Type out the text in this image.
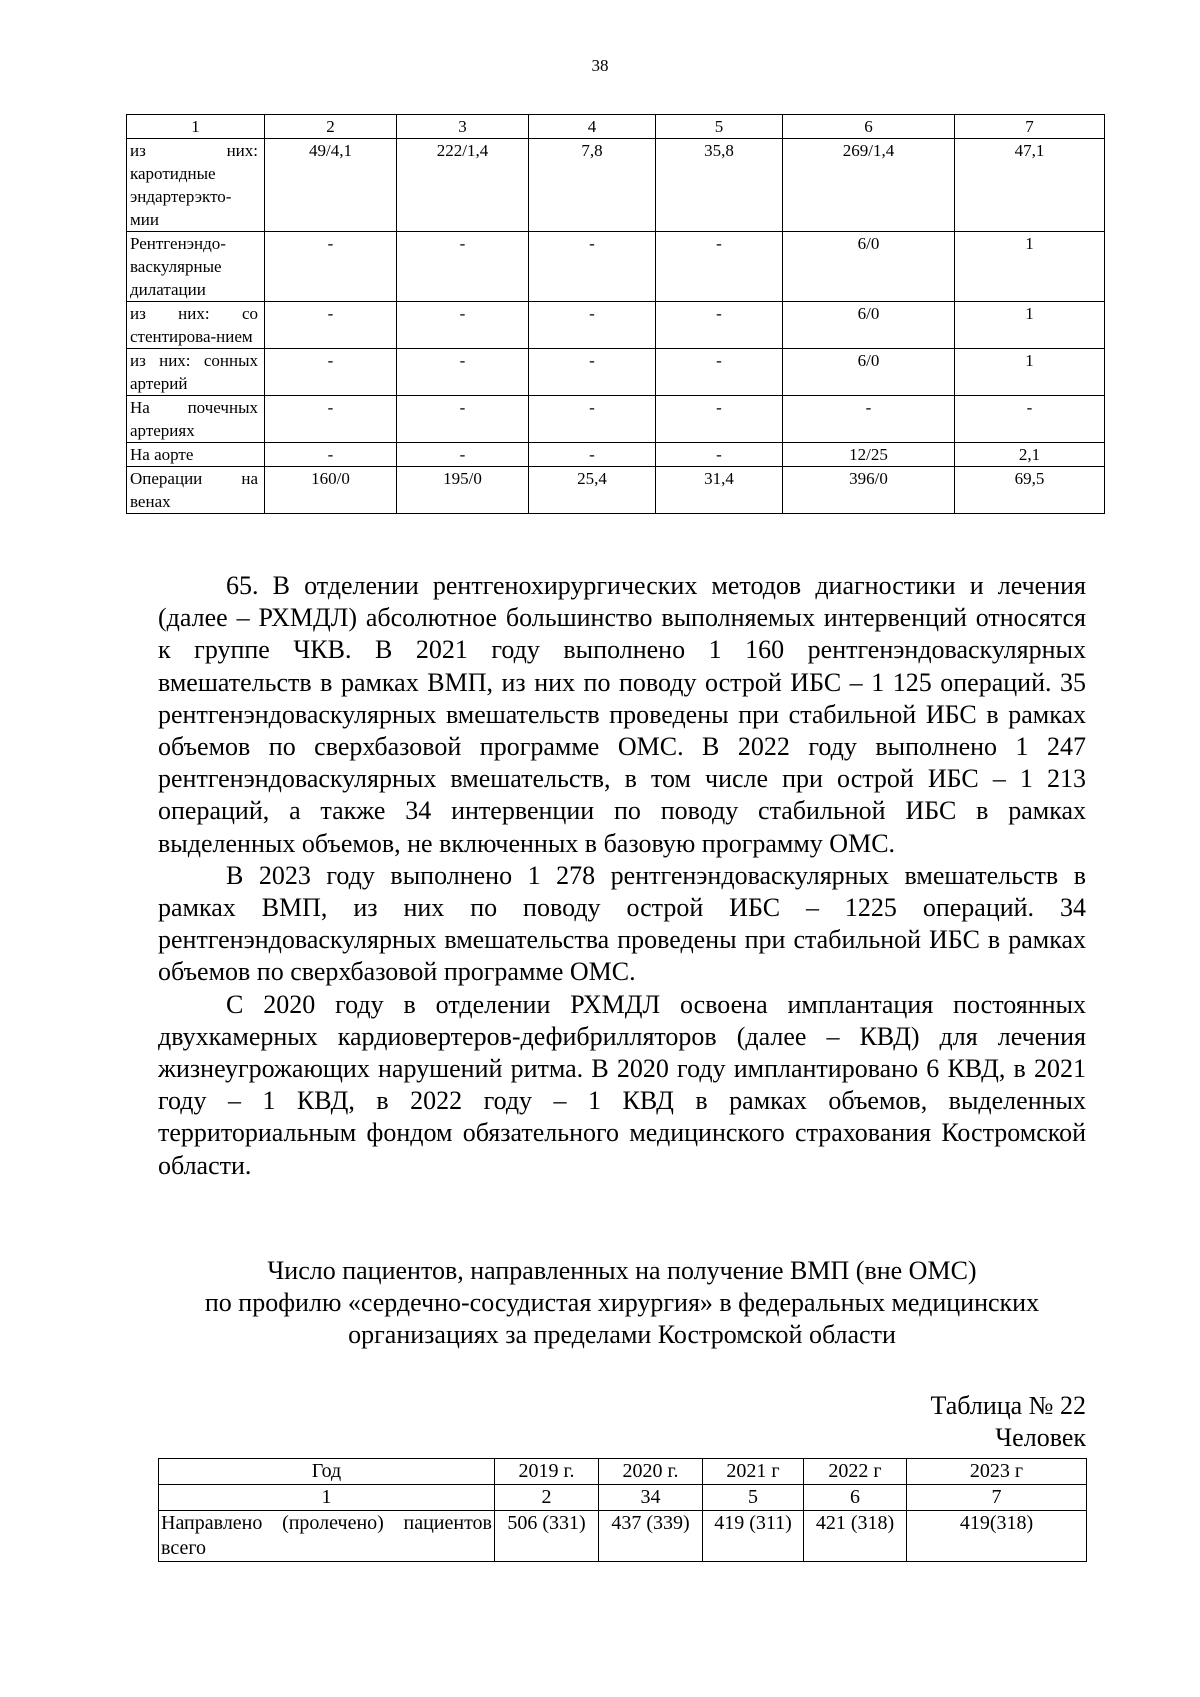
38
1	2	3	4	5	6	7
из них: каротидные эндартерэкто-мии	49/4,1	222/1,4	7,8	35,8	269/1,4	47,1
Рентгенэндо-васкулярные дилатации	-	-	-	-	6/0	1
из них: со стентирова-нием	-	-	-	-	6/0	1
из них: сонных артерий	-	-	-	-	6/0	1
На почечных артериях	-	-	-	-	-	-
На аорте	-	-	-	-	12/25	2,1
Операции на венах	160/0	195/0	25,4	31,4	396/0	69,5

65. В отделении рентгенохирургических методов диагностики и лечения (далее – РХМДЛ) абсолютное большинство выполняемых интервенций относятся к группе ЧКВ. В 2021 году выполнено 1 160 рентгенэндоваскулярных вмешательств в рамках ВМП, из них по поводу острой ИБС – 1 125 операций. 35 рентгенэндоваскулярных вмешательств проведены при стабильной ИБС в рамках объемов по сверхбазовой программе ОМС. В 2022 году выполнено 1 247 рентгенэндоваскулярных вмешательств, в том числе при острой ИБС – 1 213 операций, а также 34 интервенции по поводу стабильной ИБС в рамках выделенных объемов, не включенных в базовую программу ОМС.

В 2023 году выполнено 1 278 рентгенэндоваскулярных вмешательств в рамках ВМП, из них по поводу острой ИБС – 1225 операций. 34 рентгенэндоваскулярных вмешательства проведены при стабильной ИБС в рамках объемов по сверхбазовой программе ОМС.

С 2020 году в отделении РХМДЛ освоена имплантация постоянных двухкамерных кардиовертеров-дефибрилляторов (далее – КВД) для лечения жизнеугрожающих нарушений ритма. В 2020 году имплантировано 6 КВД, в 2021 году – 1 КВД, в 2022 году – 1 КВД в рамках объемов, выделенных территориальным фондом обязательного медицинского страхования Костромской области.

Число пациентов, направленных на получение ВМП (вне ОМС)
по профилю «сердечно-сосудистая хирургия» в федеральных медицинских
организациях за пределами Костромской области
Таблица № 22
Человек
Год	2019 г.	2020 г.	2021 г	2022 г	2023 г
1	2	34	5	6	7
Направлено (пролечено) пациентов всего	506 (331)	437 (339)	419 (311)	421 (318)	419(318)
